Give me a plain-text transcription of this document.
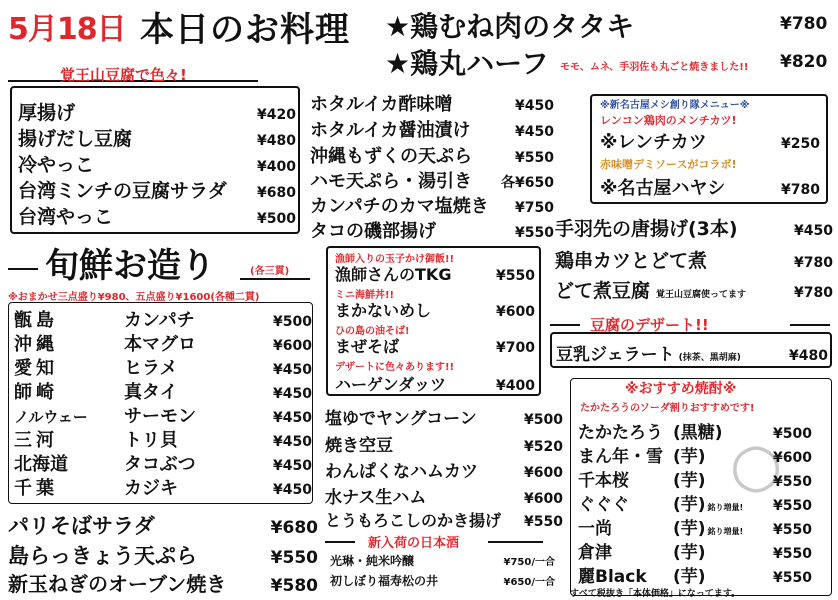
5月18日 本日のお料理 ★鶏むね肉のタタキ	¥780
★鶏丸ハーフ モモ、ムネ、手羽佐も丸ごと焼きました!! ¥820
覚王山豆腐で色々!
厚揚げ	¥420
揚げだし豆腐	¥480
冷やっこ	¥400
台湾ミンチの豆腐サラダ ¥680
台湾やっこ	¥500
旬鮮お造り	(各三貫)
※おまかせ三点盛り¥980、五点盛り¥1600(各種二貫)
甑島	カンパチ	¥500
沖縄	本マグロ	¥600
愛知	ヒラメ	¥450
師崎	真タイ	¥450
ノルウェー	サーモン	¥450
三河	トリ貝	¥450
北海道	タコぶつ	¥450
千葉	カジキ	¥450
パリそばサラダ	¥680
島らっきょう天ぷら	¥550
新玉ねぎのオーブン焼き	¥580
ホタルイカ酢味噌	¥450
ホタルイカ醤油漬け	¥450
沖縄もずくの天ぷら	¥550
ハモ天ぷら・湯引き 各¥650
カンパチのカマ塩焼き ¥750
タコの磯部揚げ	¥550
漁師入りの玉子かけ御飯!!
漁師さんのTKG	¥550
ミニ海鮮丼!!
まかないめし	¥600
ひの島の油そば!
まぜそば	¥700
デザートに色々あります!!
ハーゲンダッツ	¥400
塩ゆでヤングコーン	¥500
焼き空豆	¥520
わんぱくなハムカツ	¥600
水ナス生ハム	¥600
とうもろこしのかき揚げ ¥550
新入荷の日本酒
光琳・純米吟醸	¥750/一合
初しぼり福寿松の井	¥650/一合
※新名古屋メシ創り隊メニュー※
レンコン鶏肉のメンチカツ!
※レンチカツ	¥250
赤味噌デミソースがコラボ!
※名古屋ハヤシ	¥780
手羽先の唐揚げ(3本)	¥450
鶏串カツとどて煮	¥780
どて煮豆腐 覚王山豆腐使ってます	¥780
豆腐のデザート!!
豆乳ジェラート (抹茶、黒胡麻)	¥480
※おすすめ焼酎※
たかたろうのソーダ割りおすすめです!
○
たかたろう (黒糖)	¥500
まん年・雪 (芋)	¥600
千本桜	(芋)	¥550
ぐぐぐ	(芋) 銘り増量! ¥550
一尚	(芋) 銘り増量! ¥550
倉津	(芋)	¥550
麗Black	(芋)	¥550
すべて税抜き「本体価格」になってます。
